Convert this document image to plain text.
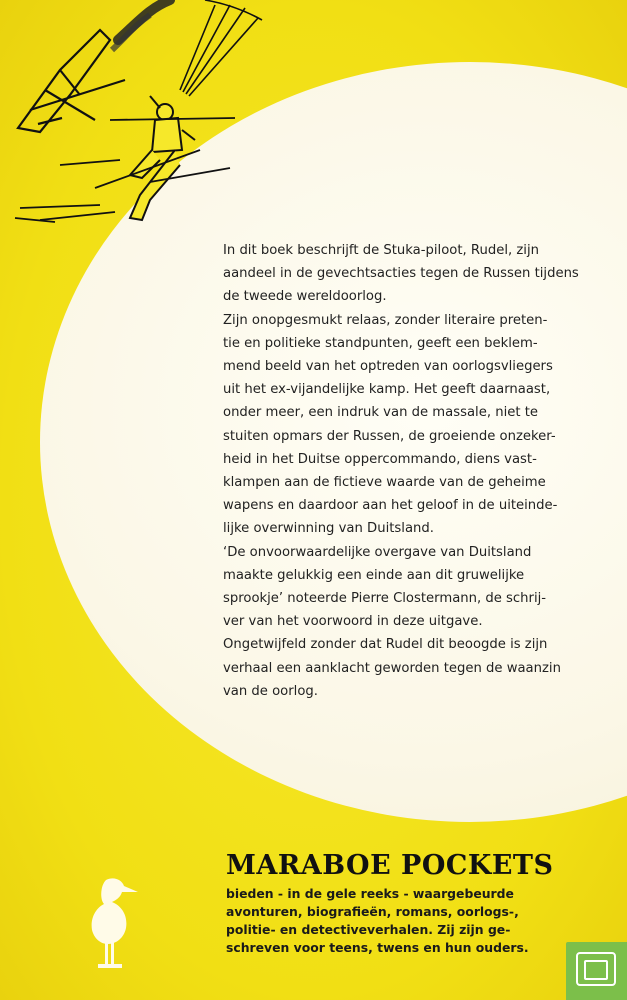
In dit boek beschrijft de Stuka-piloot, Rudel, zijn

aandeel in de gevechtsacties tegen de Russen tijdens

de tweede wereldoorlog.

Zijn onopgesmukt relaas, zonder literaire preten-

tie en politieke standpunten, geeft een beklem-

mend beeld van het optreden van oorlogsvliegers

uit het ex-vijandelijke kamp. Het geeft daarnaast,

onder meer, een indruk van de massale, niet te

stuiten opmars der Russen, de groeiende onzeker-

heid in het Duitse oppercommando, diens vast-

klampen aan de fictieve waarde van de geheime

wapens en daardoor aan het geloof in de uiteinde-

lijke overwinning van Duitsland.

‘De onvoorwaardelijke overgave van Duitsland

maakte gelukkig een einde aan dit gruwelijke

sprookje’ noteerde Pierre Clostermann, de schrij-

ver van het voorwoord in deze uitgave.

Ongetwijfeld zonder dat Rudel dit beoogde is zijn

verhaal een aanklacht geworden tegen de waanzin

van de oorlog.

MARABOE POCKETS
bieden - in de gele reeks - waargebeurde
avonturen, biografieën, romans, oorlogs-,
politie- en detectiveverhalen. Zij zijn ge-
schreven voor teens, twens en hun ouders.
